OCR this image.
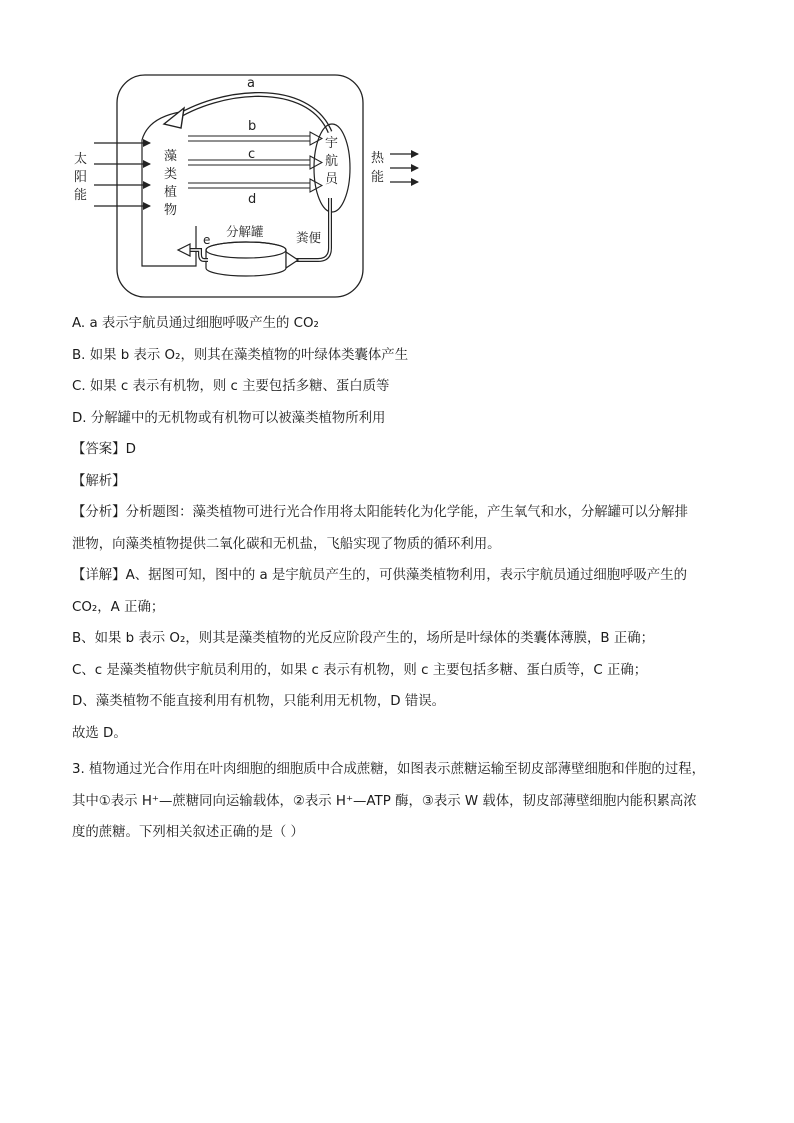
太
阳
能
藻
类
植
物
a
b
c
d
宇
航
员
热
能
粪便
分解罐
e
A. a 表示宇航员通过细胞呼吸产生的 CO₂
B. 如果 b 表示 O₂，则其在藻类植物的叶绿体类囊体产生
C. 如果 c 表示有机物，则 c 主要包括多糖、蛋白质等
D. 分解罐中的无机物或有机物可以被藻类植物所利用
【答案】D
【解析】
【分析】分析题图：藻类植物可进行光合作用将太阳能转化为化学能，产生氧气和水，分解罐可以分解排
泄物，向藻类植物提供二氧化碳和无机盐，飞船实现了物质的循环利用。
【详解】A、据图可知，图中的 a 是宇航员产生的，可供藻类植物利用，表示宇航员通过细胞呼吸产生的
CO₂，A 正确；
B、如果 b 表示 O₂，则其是藻类植物的光反应阶段产生的，场所是叶绿体的类囊体薄膜，B 正确；
C、c 是藻类植物供宇航员利用的，如果 c 表示有机物，则 c 主要包括多糖、蛋白质等，C 正确；
D、藻类植物不能直接利用有机物，只能利用无机物，D 错误。
故选 D。
3. 植物通过光合作用在叶肉细胞的细胞质中合成蔗糖，如图表示蔗糖运输至韧皮部薄壁细胞和伴胞的过程，
其中①表示 H⁺—蔗糖同向运输载体，②表示 H⁺—ATP 酶，③表示 W 载体，韧皮部薄壁细胞内能积累高浓
度的蔗糖。下列相关叙述正确的是（ ）
